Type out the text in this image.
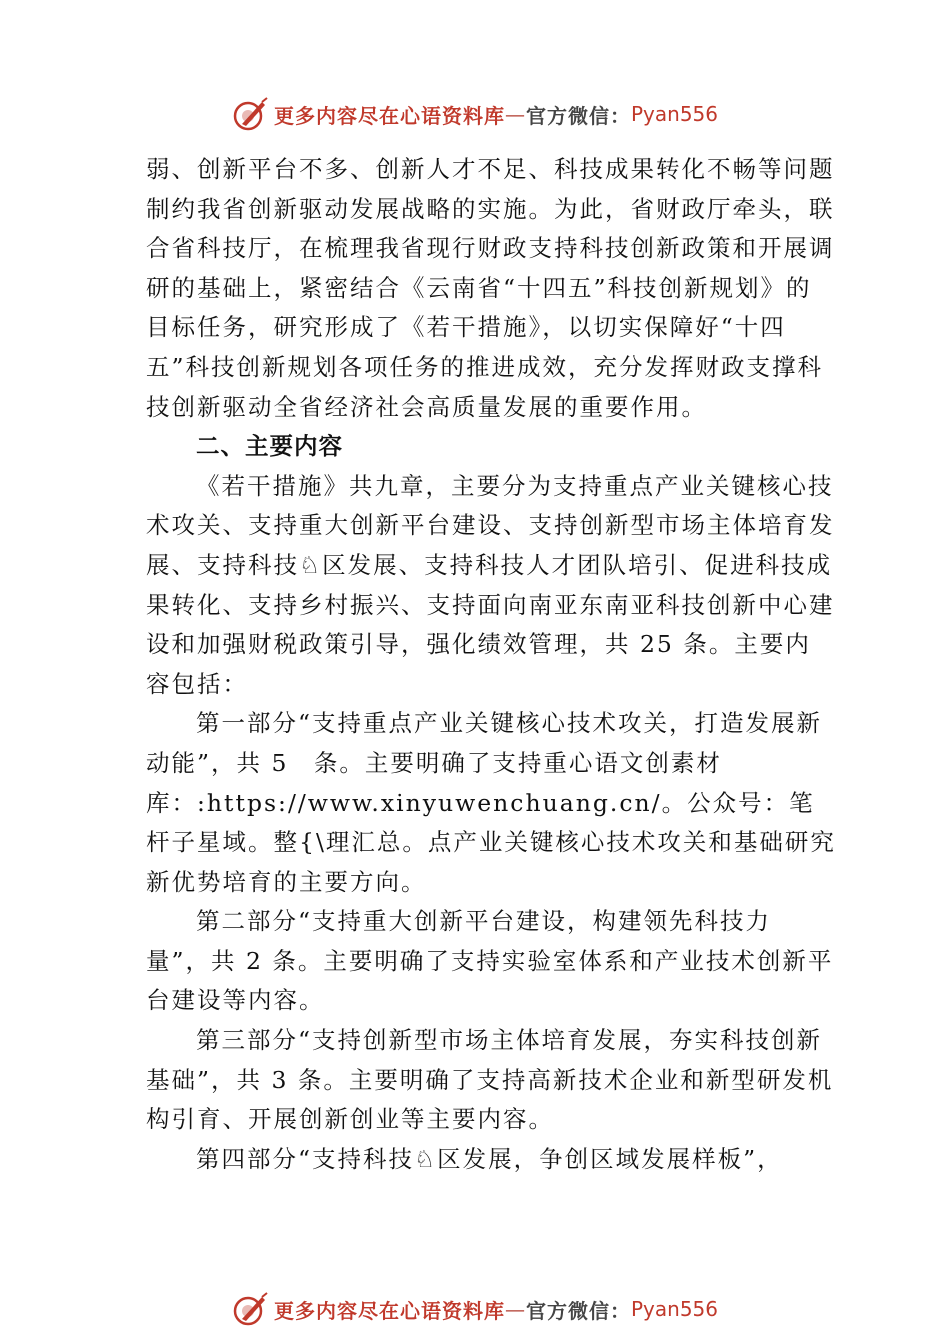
更多内容尽在心语资料库 — 官方微信： Pyan556

弱、创新平台不多、创新人才不足、科技成果转化不畅等问题制约我省创新驱动发展战略的实施。为此，省财政厅牵头，联合省科技厅，在梳理我省现行财政支持科技创新政策和开展调研的基础上，紧密结合《云南省“十四五”科技创新规划》的目标任务，研究形成了《若干措施》，以切实保障好“十四五”科技创新规划各项任务的推进成效，充分发挥财政支撑科技创新驱动全省经济社会高质量发展的重要作用。

二、主要内容

《若干措施》共九章，主要分为支持重点产业关键核心技术攻关、支持重大创新平台建设、支持创新型市场主体培育发展、支持科技♘区发展、支持科技人才团队培引、促进科技成果转化、支持乡村振兴、支持面向南亚东南亚科技创新中心建设和加强财税政策引导，强化绩效管理，共 25 条。主要内容包括：

第一部分“支持重点产业关键核心技术攻关，打造发展新动能”，共 5　条。主要明确了支持重心语文创素材库：:https://www.xinyuwenchuang.cn/。公众号：笔杆子星域。整{\理汇总。点产业关键核心技术攻关和基础研究新优势培育的主要方向。

第二部分“支持重大创新平台建设，构建领先科技力量”，共 2 条。主要明确了支持实验室体系和产业技术创新平台建设等内容。

第三部分“支持创新型市场主体培育发展，夯实科技创新基础”，共 3 条。主要明确了支持高新技术企业和新型研发机构引育、开展创新创业等主要内容。

第四部分“支持科技♘区发展，争创区域发展样板”，

更多内容尽在心语资料库 — 官方微信： Pyan556
